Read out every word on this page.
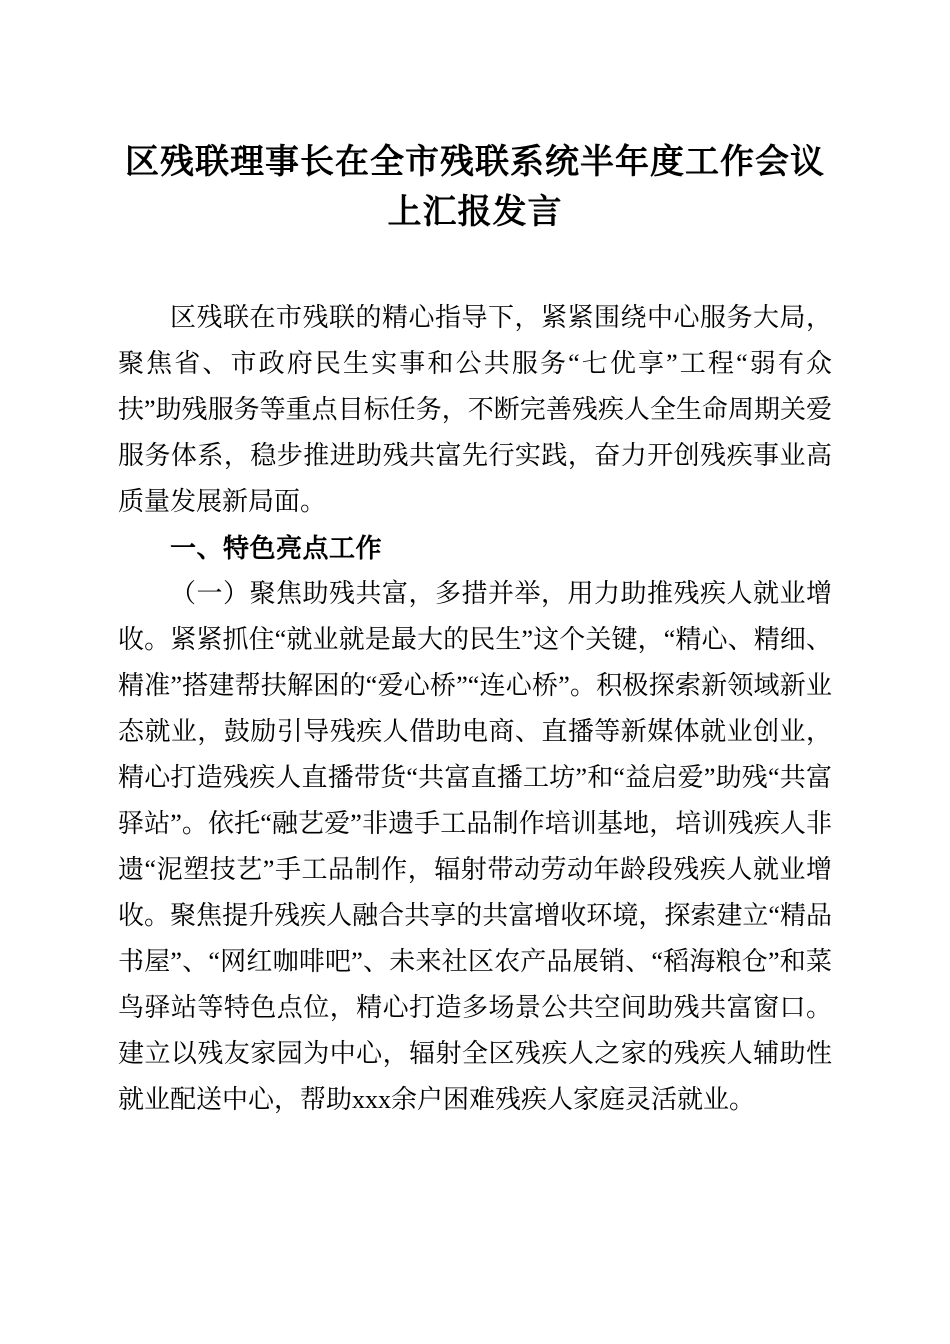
区残联理事长在全市残联系统半年度工作会议上汇报发言

区残联在市残联的精心指导下，紧紧围绕中心服务大局，聚焦省、市政府民生实事和公共服务“七优享”工程“弱有众扶”助残服务等重点目标任务，不断完善残疾人全生命周期关爱服务体系，稳步推进助残共富先行实践，奋力开创残疾事业高质量发展新局面。

一、特色亮点工作

（一）聚焦助残共富，多措并举，用力助推残疾人就业增收。紧紧抓住“就业就是最大的民生”这个关键，“精心、精细、精准”搭建帮扶解困的“爱心桥”“连心桥”。积极探索新领域新业态就业，鼓励引导残疾人借助电商、直播等新媒体就业创业，精心打造残疾人直播带货“共富直播工坊”和“益启爱”助残“共富驿站”。依托“融艺爱”非遗手工品制作培训基地，培训残疾人非遗“泥塑技艺”手工品制作，辐射带动劳动年龄段残疾人就业增收。聚焦提升残疾人融合共享的共富增收环境，探索建立“精品书屋”、“网红咖啡吧”、未来社区农产品展销、“稻海粮仓”和菜鸟驿站等特色点位，精心打造多场景公共空间助残共富窗口。建立以残友家园为中心，辐射全区残疾人之家的残疾人辅助性就业配送中心，帮助xxx余户困难残疾人家庭灵活就业。
